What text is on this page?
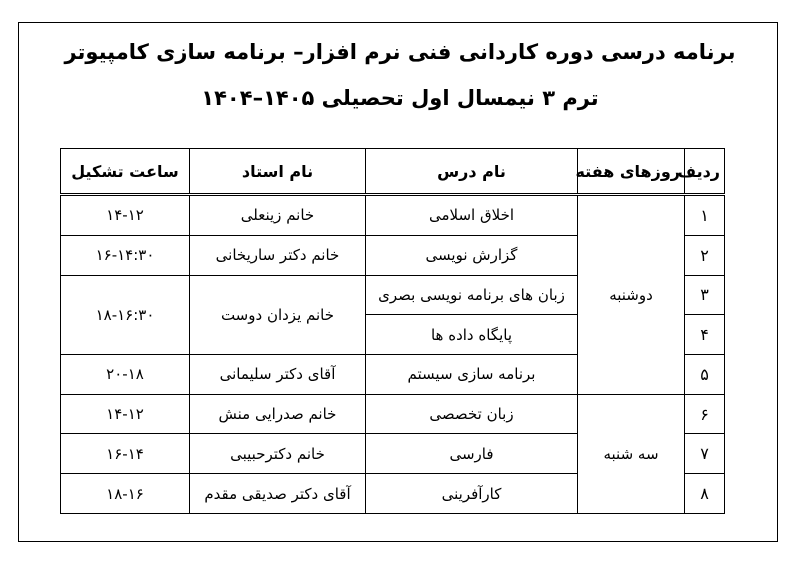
برنامه درسی دوره کاردانی فنی نرم افزار– برنامه سازی کامپیوتر
ترم ۳ نیمسال اول تحصیلی ۱۴۰۵–۱۴۰۴
ردیف	روزهای هفته	نام درس	نام استاد	ساعت تشکیل
۱	دوشنبه	اخلاق اسلامی	خانم زینعلی	۱۴-۱۲
۲		گزارش نویسی	خانم دکتر ساریخانی	۱۶-۱۴:۳۰
۳		زبان های برنامه نویسی بصری	خانم یزدان دوست	۱۸-۱۶:۳۰
۴		پایگاه داده ها		
۵		برنامه سازی سیستم	آقای دکتر سلیمانی	۲۰-۱۸
۶	سه شنبه	زبان تخصصی	خانم صدرایی منش	۱۴-۱۲
۷		فارسی	خانم دکترحبیبی	۱۶-۱۴
۸		کارآفرینی	آقای دکتر صدیقی مقدم	۱۸-۱۶
